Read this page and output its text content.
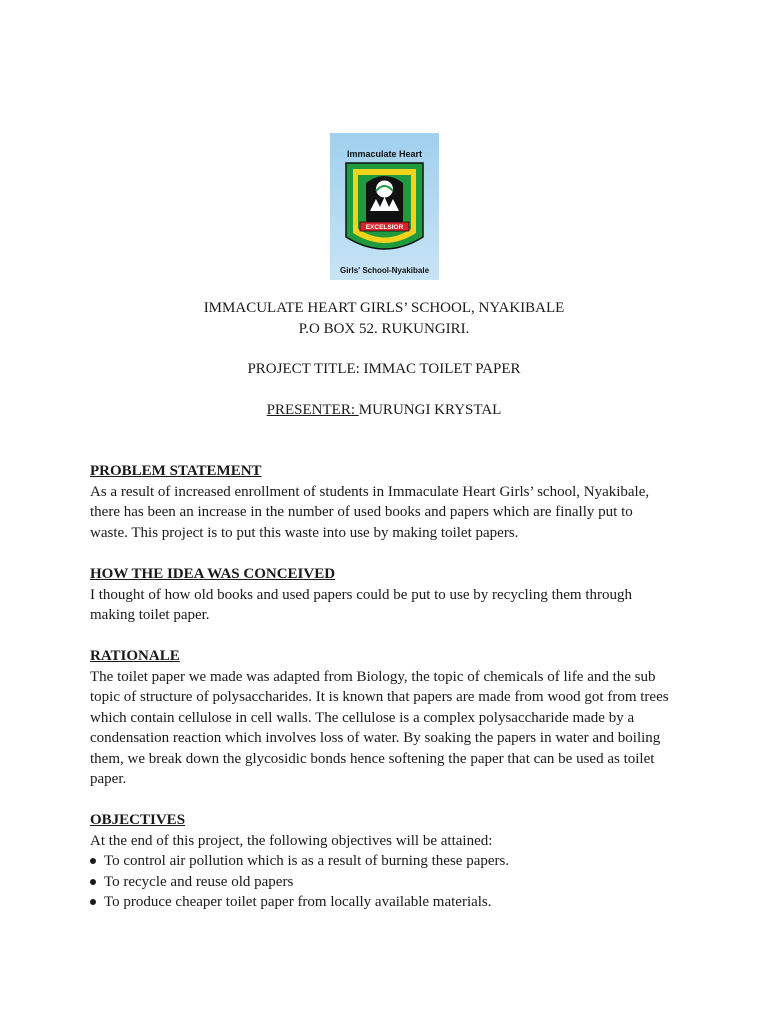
Immaculate Heart
EXCELSIOR
Girls' School-Nyakibale
IMMACULATE HEART GIRLS’ SCHOOL, NYAKIBALE
P.O BOX 52. RUKUNGIRI.
PROJECT TITLE: IMMAC TOILET PAPER
PRESENTER: MURUNGI KRYSTAL
PROBLEM STATEMENT
As a result of increased enrollment of students in Immaculate Heart Girls’ school, Nyakibale,
there has been an increase in the number of used books and papers which are finally put to
waste. This project is to put this waste into use by making toilet papers.
HOW THE IDEA WAS CONCEIVED
I thought of how old books and used papers could be put to use by recycling them through
making toilet paper.
RATIONALE
The toilet paper we made was adapted from Biology, the topic of chemicals of life and the sub
topic of structure of polysaccharides. It is known that papers are made from wood got from trees
which contain cellulose in cell walls. The cellulose is a complex polysaccharide made by a
condensation reaction which involves loss of water. By soaking the papers in water and boiling
them, we break down the glycosidic bonds hence softening the paper that can be used as toilet
paper.
OBJECTIVES
At the end of this project, the following objectives will be attained:
To control air pollution which is as a result of burning these papers.
To recycle and reuse old papers
To produce cheaper toilet paper from locally available materials.
